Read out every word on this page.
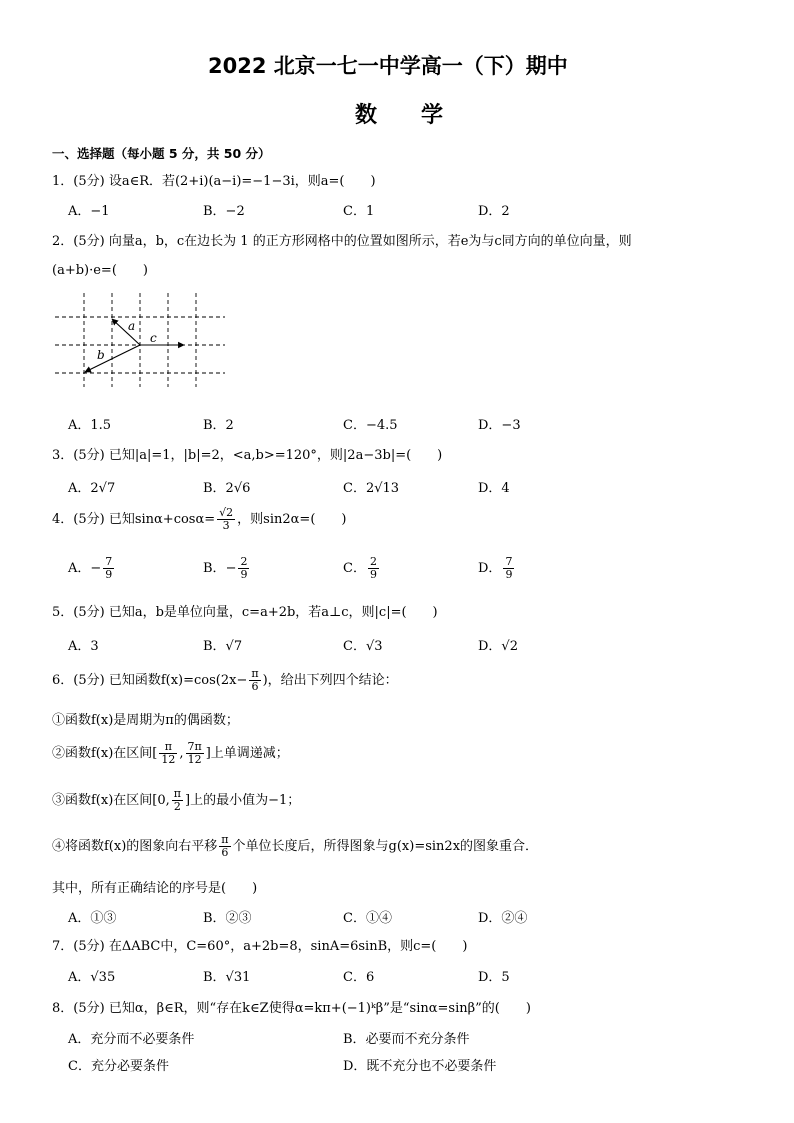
2022 北京一七一中学高一（下）期中
数　　学
一、选择题（每小题 5 分，共 50 分）
1．(5分) 设a∈R．若(2+i)(a−i)=−1−3i，则a=(　　)
A．−1	B．−2	C．1	D．2
2．(5分) 向量a，b，c在边长为 1 的正方形网格中的位置如图所示，若e为与c同方向的单位向量，则
(a+b)·e=(　　)
a
c
b
A．1.5	B．2	C．−4.5	D．−3
3．(5分) 已知|a|=1，|b|=2，<a,b>=120°，则|2a−3b|=(　　)
A．2√7	B．2√6	C．2√13	D．4
4．(5分) 已知$\sin\alpha+\cos\alpha= \frac{√2}{3}$ ，则sin2α=(　　)
A．− $\frac{7}{9}$	B．− $\frac{2}{9}$	C． $\frac{2}{9}$	D． $\frac{7}{9}$
5．(5分) 已知a，b是单位向量，c=a+2b，若a⊥c，则|c|=(　　)
A．3	B．√7	C．√3	D．√2
6．(5分) 已知函数$f(x)=\cos(2x- \frac{\pi}{6}$ )，给出下列四个结论：
①函数f(x)是周期为π的偶函数；
②函数f(x)在区间[ $\frac{\pi}{12}$ , $\frac{7\pi}{12}$ ]上单调递减；
③函数f(x)在区间[0, $\frac{\pi}{2}$ ]上的最小值为−1；
④将函数f(x)的图象向右平移 $\frac{\pi}{6}$ 个单位长度后，所得图象与g(x)=sin2x的图象重合．
其中，所有正确结论的序号是(　　)
A．①③	B．②③	C．①④	D．②④
7．(5分) 在ΔABC中，C=60°，a+2b=8，sinA=6sinB，则c=(　　)
A．√35	B．√31	C．6	D．5
8．(5分) 已知α，β∈R，则“存在k∈Z使得α=kπ+(−1)ᵏβ”是“sinα=sinβ”的(　　)
A．充分而不必要条件	B．必要而不充分条件
C．充分必要条件	D．既不充分也不必要条件
